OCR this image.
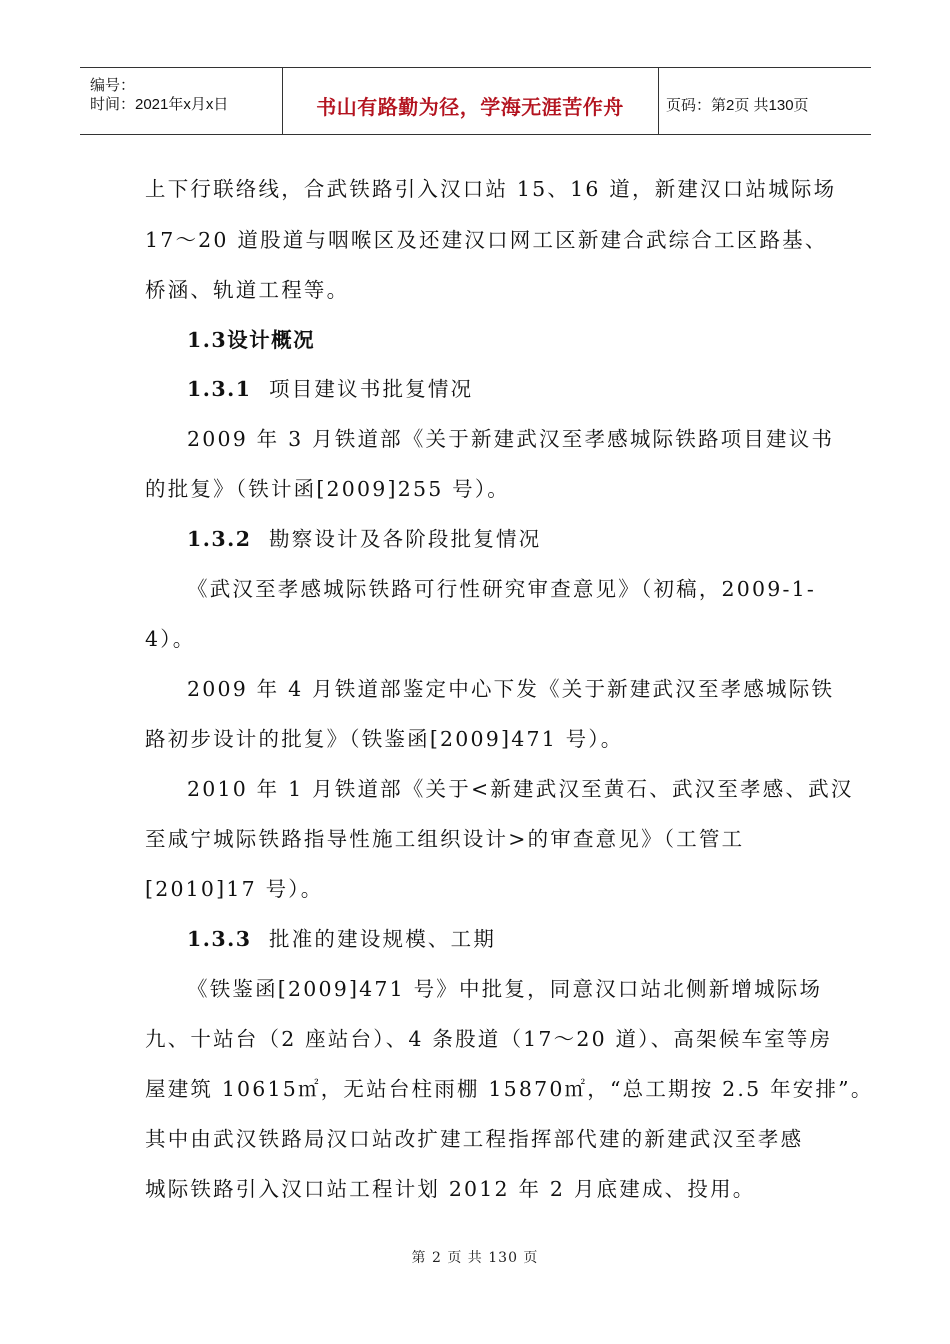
编号：
时间：2021年x月x日	书山有路勤为径，学海无涯苦作舟	页码：第2页 共130页
上下行联络线，合武铁路引入汉口站 15、16 道，新建汉口站城际场
17～20 道股道与咽喉区及还建汉口网工区新建合武综合工区路基、
桥涵、轨道工程等。
1.3设计概况
1.3.1 项目建议书批复情况
2009 年 3 月铁道部《关于新建武汉至孝感城际铁路项目建议书
的批复》（铁计函[2009]255 号）。
1.3.2 勘察设计及各阶段批复情况
《武汉至孝感城际铁路可行性研究审查意见》（初稿，2009-1-
4）。
2009 年 4 月铁道部鉴定中心下发《关于新建武汉至孝感城际铁
路初步设计的批复》（铁鉴函[2009]471 号）。
2010 年 1 月铁道部《关于<新建武汉至黄石、武汉至孝感、武汉
至咸宁城际铁路指导性施工组织设计>的审查意见》（工管工
[2010]17 号）。
1.3.3 批准的建设规模、工期
《铁鉴函[2009]471 号》中批复，同意汉口站北侧新增城际场
九、十站台（2 座站台）、4 条股道（17～20 道）、高架候车室等房
屋建筑 10615㎡，无站台柱雨棚 15870㎡，“总工期按 2.5 年安排”。
其中由武汉铁路局汉口站改扩建工程指挥部代建的新建武汉至孝感
城际铁路引入汉口站工程计划 2012 年 2 月底建成、投用。
第 2 页 共 130 页
